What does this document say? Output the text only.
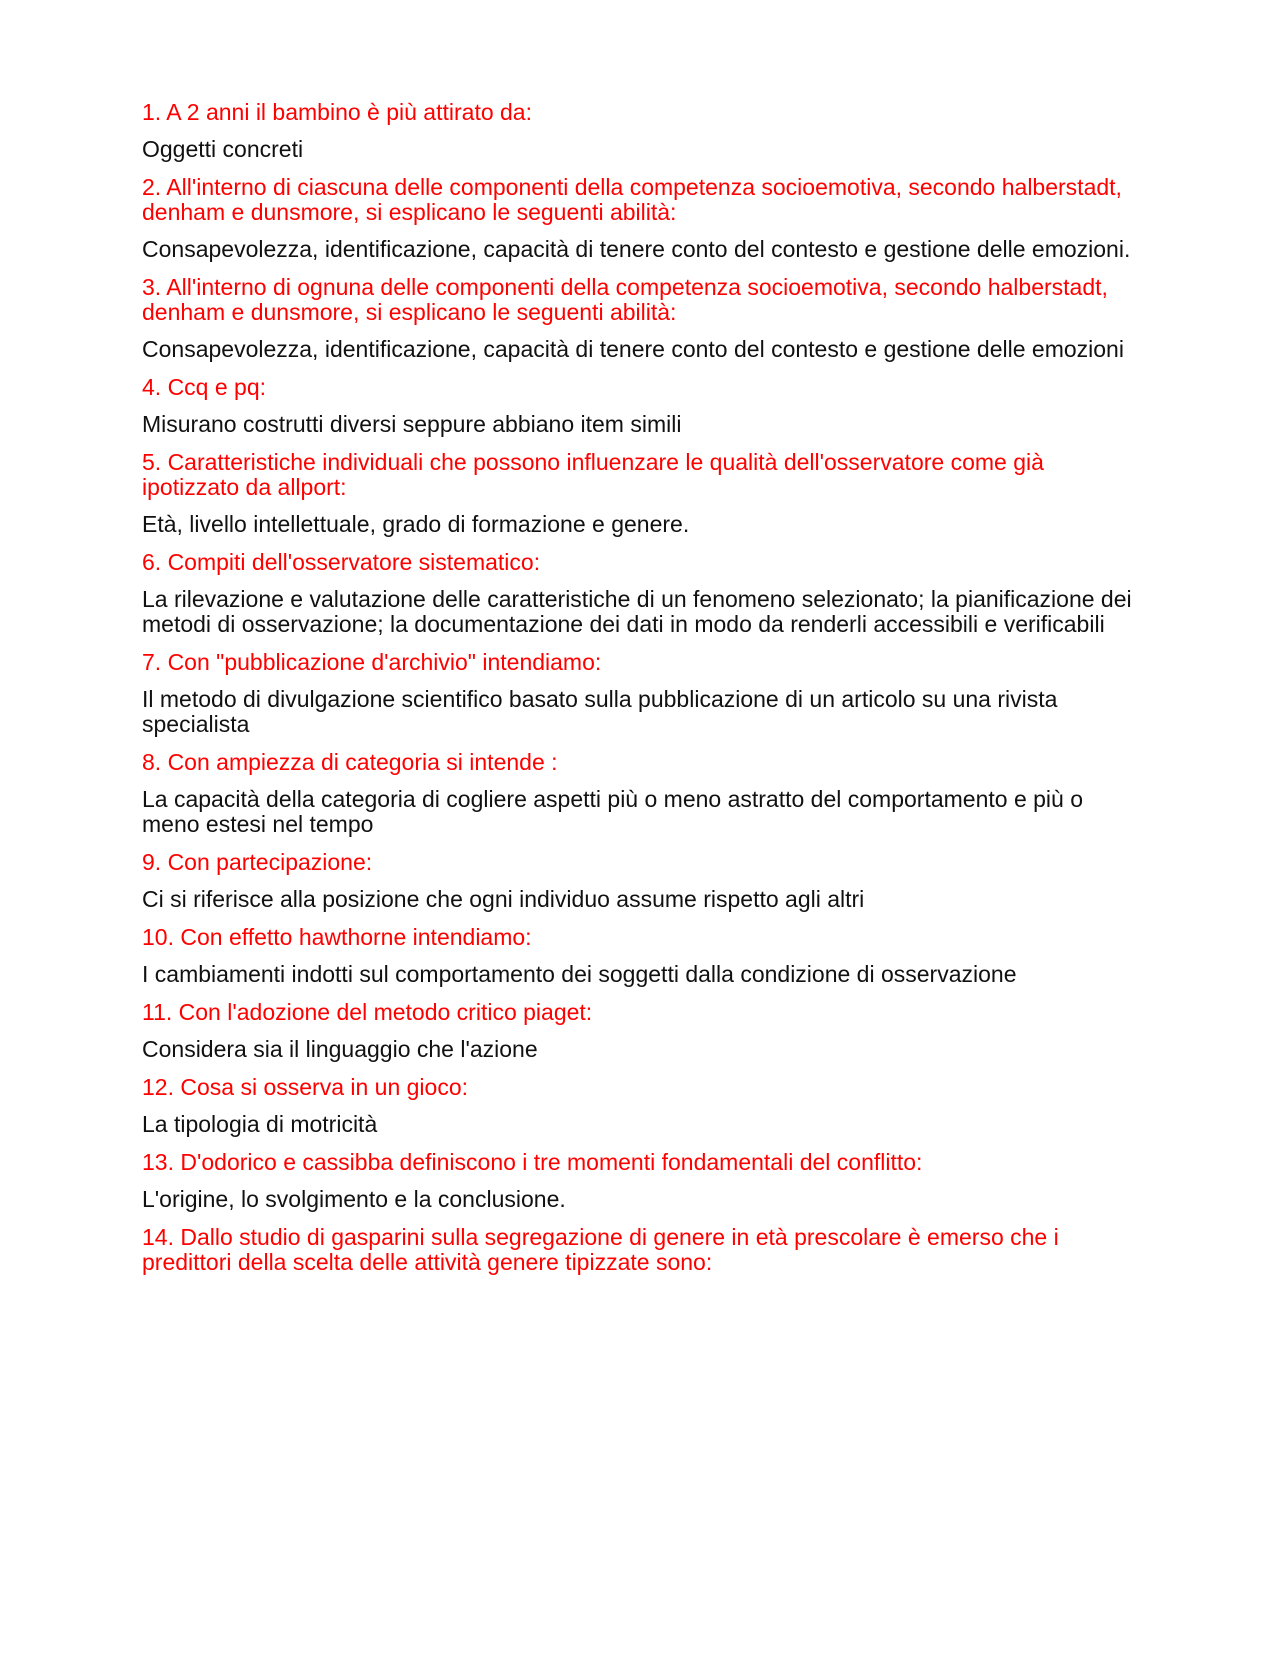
1. A 2 anni il bambino è più attirato da:

Oggetti concreti

2. All'interno di ciascuna delle componenti della competenza socioemotiva, secondo halberstadt, denham e dunsmore, si esplicano le seguenti abilità:

Consapevolezza, identificazione, capacità di tenere conto del contesto e gestione delle emozioni.

3. All'interno di ognuna delle componenti della competenza socioemotiva, secondo halberstadt, denham e dunsmore, si esplicano le seguenti abilità:

Consapevolezza, identificazione, capacità di tenere conto del contesto e gestione delle emozioni

4. Ccq e pq:

Misurano costrutti diversi seppure abbiano item simili

5. Caratteristiche individuali che possono influenzare le qualità dell'osservatore come già ipotizzato da allport:

Età, livello intellettuale, grado di formazione e genere.

6. Compiti dell'osservatore sistematico:

La rilevazione e valutazione delle caratteristiche di un fenomeno selezionato; la pianificazione dei metodi di osservazione; la documentazione dei dati in modo da renderli accessibili e verificabili

7. Con "pubblicazione d'archivio" intendiamo:

Il metodo di divulgazione scientifico basato sulla pubblicazione di un articolo su una rivista specialista

8. Con ampiezza di categoria si intende :

La capacità della categoria di cogliere aspetti più o meno astratto del comportamento e più o meno estesi nel tempo

9. Con partecipazione:

Ci si riferisce alla posizione che ogni individuo assume rispetto agli altri

10. Con effetto hawthorne intendiamo:

I cambiamenti indotti sul comportamento dei soggetti dalla condizione di osservazione

11. Con l'adozione del metodo critico piaget:

Considera sia il linguaggio che l'azione

12. Cosa si osserva in un gioco:

La tipologia di motricità

13. D'odorico e cassibba definiscono i tre momenti fondamentali del conflitto:

L'origine, lo svolgimento e la conclusione.

14. Dallo studio di gasparini sulla segregazione di genere in età prescolare è emerso che i predittori della scelta delle attività genere tipizzate sono:
